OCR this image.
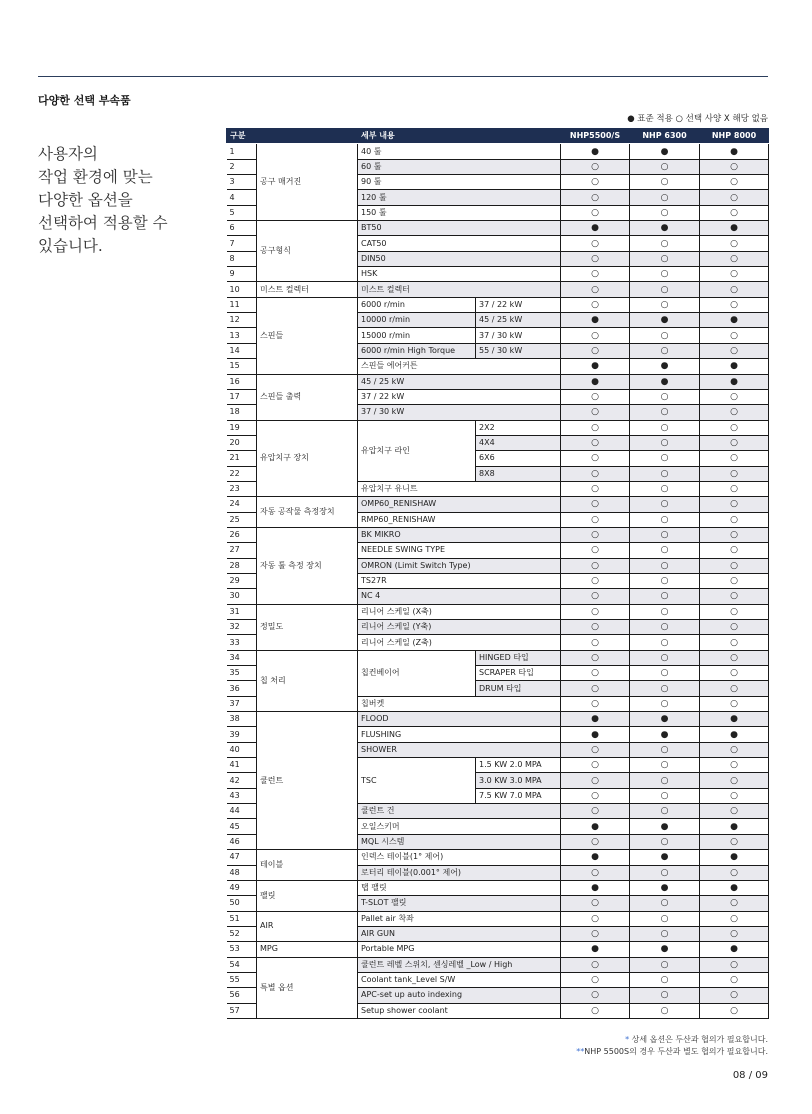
다양한 선택 부속품
● 표준 적용 ○ 선택 사양 X 해당 없음
사용자의
작업 환경에 맞는
다양한 옵션을
선택하여 적용할 수
있습니다.
구분		세부 내용		NHP5500/S	NHP 6300	NHP 8000
1	공구 매거진	40 툴		●	●	●
2		60 툴		○	○	○
3		90 툴		○	○	○
4		120 툴		○	○	○
5		150 툴		○	○	○
6	공구형식	BT50		●	●	●
7		CAT50		○	○	○
8		DIN50		○	○	○
9		HSK		○	○	○
10	미스트 컬렉터	미스트 컬렉터		○	○	○
11	스핀들	6000 r/min	37 / 22 kW	○	○	○
12		10000 r/min	45 / 25 kW	●	●	●
13		15000 r/min	37 / 30 kW	○	○	○
14		6000 r/min High Torque	55 / 30 kW	○	○	○
15		스핀들 에어커튼		●	●	●
16	스핀들 출력	45 / 25 kW		●	●	●
17		37 / 22 kW		○	○	○
18		37 / 30 kW		○	○	○
19	유압치구 장치	유압치구 라인	2X2	○	○	○
20			4X4	○	○	○
21			6X6	○	○	○
22			8X8	○	○	○
23		유압치구 유니트		○	○	○
24	자동 공작물 측정장치	OMP60_RENISHAW		○	○	○
25		RMP60_RENISHAW		○	○	○
26	자동 툴 측정 장치	BK MIKRO		○	○	○
27		NEEDLE SWING TYPE		○	○	○
28		OMRON (Limit Switch Type)		○	○	○
29		TS27R		○	○	○
30		NC 4		○	○	○
31	정밀도	리니어 스케일 (X축)		○	○	○
32		리니어 스케일 (Y축)		○	○	○
33		리니어 스케일 (Z축)		○	○	○
34	칩 처리	칩컨베이어	HINGED 타입	○	○	○
35			SCRAPER 타입	○	○	○
36			DRUM 타입	○	○	○
37		칩버켓		○	○	○
38	쿨런트	FLOOD		●	●	●
39		FLUSHING		●	●	●
40		SHOWER		○	○	○
41		TSC	1.5 KW 2.0 MPA	○	○	○
42			3.0 KW 3.0 MPA	○	○	○
43			7.5 KW 7.0 MPA	○	○	○
44		쿨런트 건		○	○	○
45		오일스키머		●	●	●
46		MQL 시스템		○	○	○
47	테이블	인덱스 테이블(1° 제어)		●	●	●
48		로터리 테이블(0.001° 제어)		○	○	○
49	팰릿	탭 팰릿		●	●	●
50		T-SLOT 팰릿		○	○	○
51	AIR	Pallet air 착좌		○	○	○
52		AIR GUN		○	○	○
53	MPG	Portable MPG		●	●	●
54	특별 옵션	쿨런트 레벨 스위치, 센싱레벨 _Low / High		○	○	○
55		Coolant tank_Level S/W		○	○	○
56		APC-set up auto indexing		○	○	○
57		Setup shower coolant		○	○	○
* 상세 옵션은 두산과 협의가 필요합니다.
**NHP 5500S의 경우 두산과 별도 협의가 필요합니다.
08 / 09
